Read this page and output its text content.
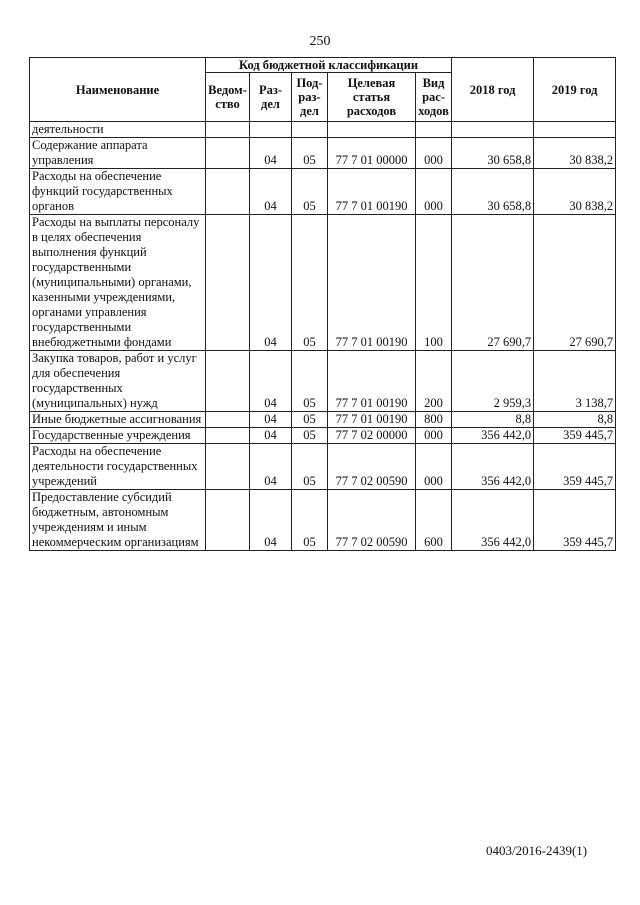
250
Наименование	Код бюджетной классификации					2018 год	2019 год
	Ведом-ство	Раз-дел	Под-раз-дел	Целевая статья расходов	Вид рас-ходов		
деятельности							
Содержание аппарата управления		04	05	77 7 01 00000	000	30 658,8	30 838,2
Расходы на обеспечение функций государственных органов		04	05	77 7 01 00190	000	30 658,8	30 838,2
Расходы на выплаты персоналу в целях обеспечения выполнения функций государственными (муниципальными) органами, казенными учреждениями, органами управления государственными внебюджетными фондами		04	05	77 7 01 00190	100	27 690,7	27 690,7
Закупка товаров, работ и услуг для обеспечения государственных (муниципальных) нужд		04	05	77 7 01 00190	200	2 959,3	3 138,7
Иные бюджетные ассигнования		04	05	77 7 01 00190	800	8,8	8,8
Государственные учреждения		04	05	77 7 02 00000	000	356 442,0	359 445,7
Расходы на обеспечение деятельности государственных учреждений		04	05	77 7 02 00590	000	356 442,0	359 445,7
Предоставление субсидий бюджетным, автономным учреждениям и иным некоммерческим организациям		04	05	77 7 02 00590	600	356 442,0	359 445,7
0403/2016-2439(1)
